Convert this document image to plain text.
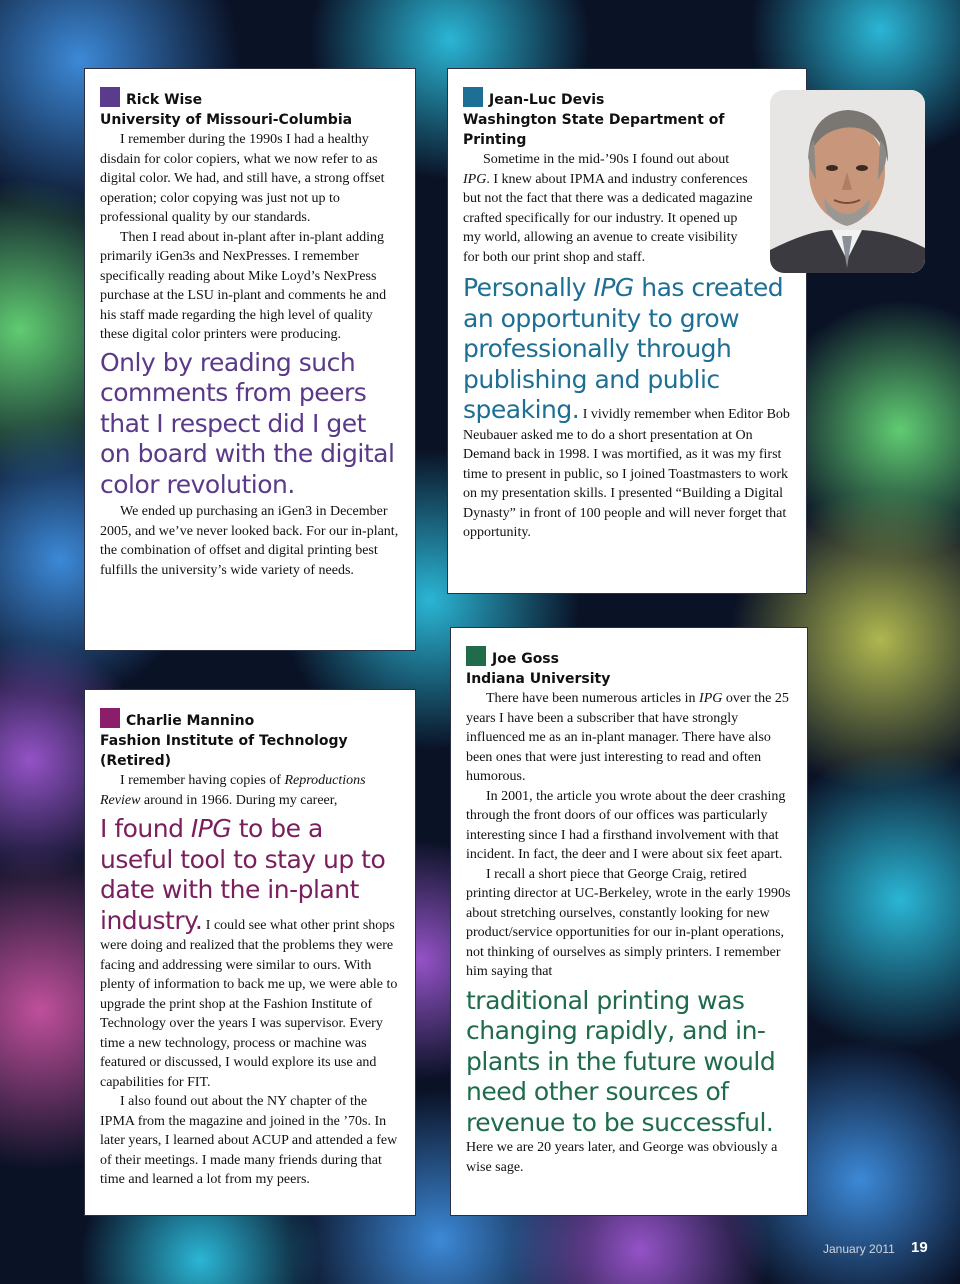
Rick Wise
University of Missouri-Columbia

I remember during the 1990s I had a healthy disdain for color copiers, what we now refer to as digital color. We had, and still have, a strong offset operation; color copying was just not up to professional quality by our standards.

Then I read about in-plant after in-plant adding primarily iGen3s and NexPresses. I remember specifically reading about Mike Loyd’s NexPress purchase at the LSU in-plant and comments he and his staff made regarding the high level of quality these digital color printers were producing.

Only by reading such comments from peers that I respect did I get on board with the digital color revolution.

We ended up purchasing an iGen3 in December 2005, and we’ve never looked back. For our in-plant, the combination of offset and digital printing best fulfills the university’s wide variety of needs.

Jean-Luc Devis
Washington State Department of Printing

Sometime in the mid-’90s I found out about IPG. I knew about IPMA and industry conferences but not the fact that there was a dedicated magazine crafted specifically for our industry. It opened up my world, allowing an avenue to create visibility for both our print shop and staff.

Personally IPG has created an opportunity to grow professionally through publishing and public speaking. I vividly remember when Editor Bob Neubauer asked me to do a short presentation at On Demand back in 1998. I was mortified, as it was my first time to present in public, so I joined Toastmasters to work on my presentation skills. I presented “Building a Digital Dynasty” in front of 100 people and will never forget that opportunity.
Charlie Mannino
Fashion Institute of Technology (Retired)

I remember having copies of Reproductions Review around in 1966. During my career,

I found IPG to be a useful tool to stay up to date with the in-plant industry. I could see what other print shops were doing and realized that the problems they were facing and addressing were similar to ours. With plenty of information to back me up, we were able to upgrade the print shop at the Fashion Institute of Technology over the years I was supervisor. Every time a new technology, process or machine was featured or discussed, I would explore its use and capabilities for FIT.

I also found out about the NY chapter of the IPMA from the magazine and joined in the ’70s. In later years, I learned about ACUP and attended a few of their meetings. I made many friends during that time and learned a lot from my peers.

Joe Goss
Indiana University

There have been numerous articles in IPG over the 25 years I have been a subscriber that have strongly influenced me as an in-plant manager. There have also been ones that were just interesting to read and often humorous.

In 2001, the article you wrote about the deer crashing through the front doors of our offices was particularly interesting since I had a firsthand involvement with that incident. In fact, the deer and I were about six feet apart.

I recall a short piece that George Craig, retired printing director at UC-Berkeley, wrote in the early 1990s about stretching ourselves, constantly looking for new product/service opportunities for our in-plant operations, not thinking of ourselves as simply printers. I remember him saying that

traditional printing was changing rapidly, and in-plants in the future would need other sources of revenue to be successful. Here we are 20 years later, and George was obviously a wise sage.
January 2011 19
